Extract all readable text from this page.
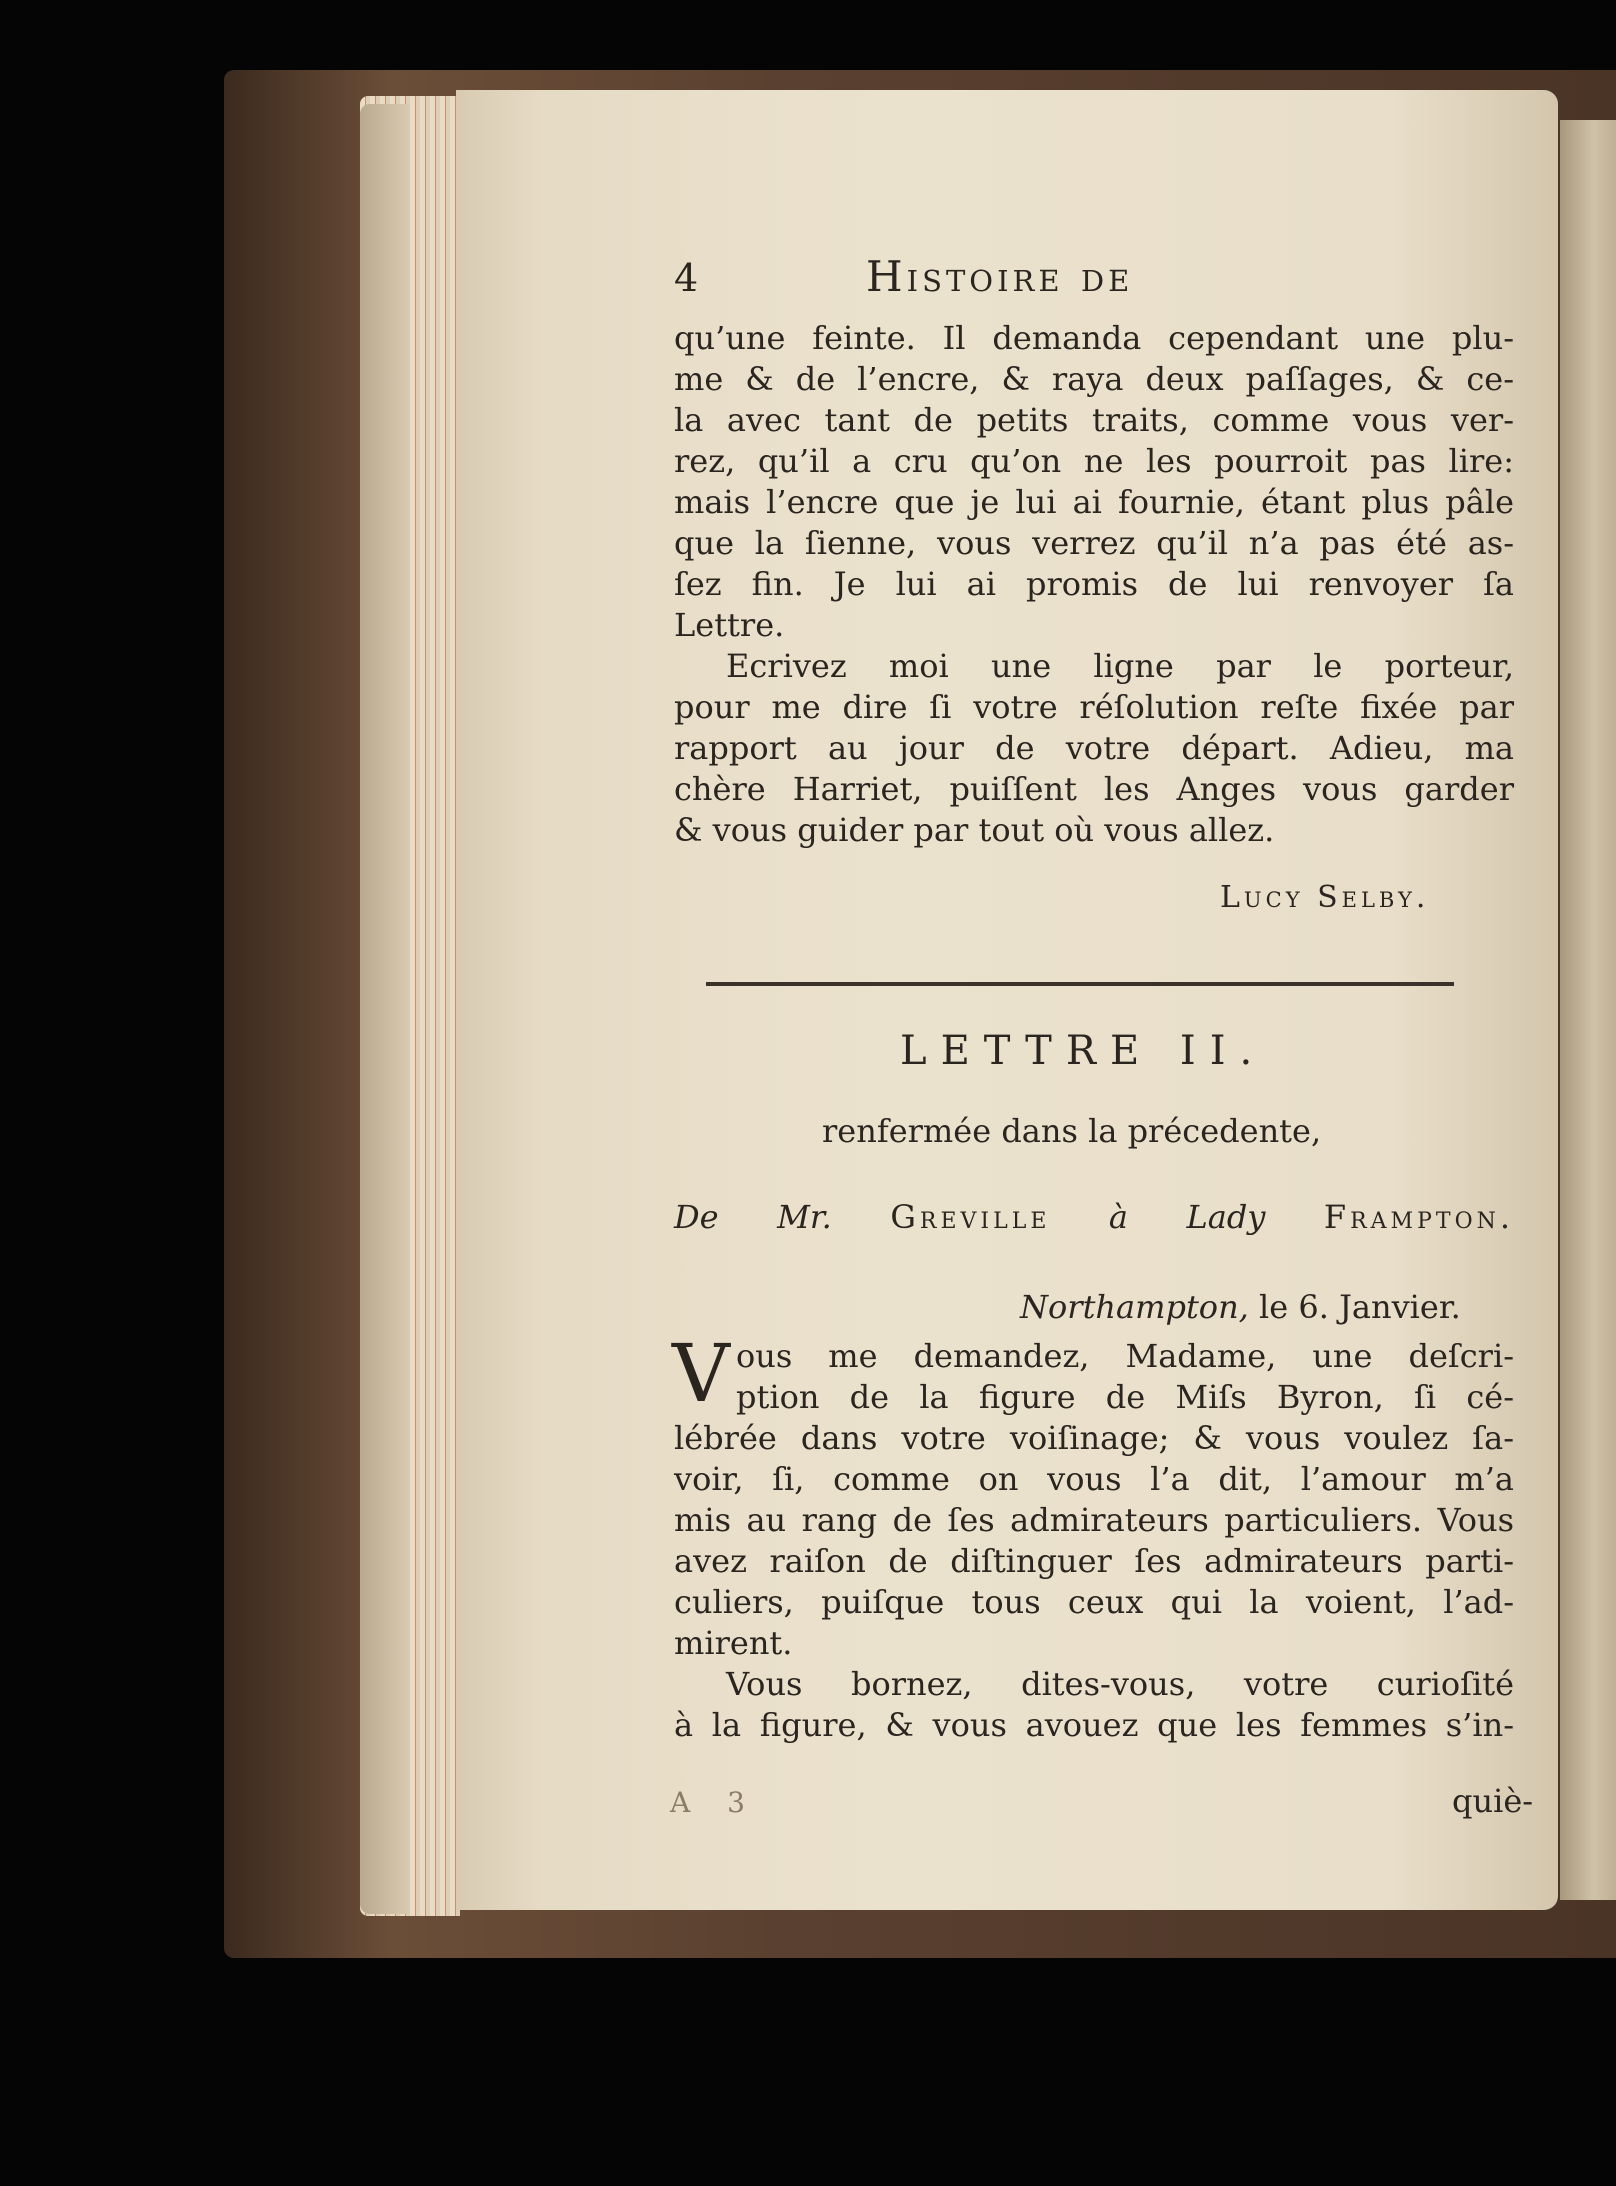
4	Histoire de
qu’une feinte. Il demanda cependant une plu-
me & de l’encre, & raya deux paſſages, & ce-
la avec tant de petits traits, comme vous ver-
rez, qu’il a cru qu’on ne les pourroit pas lire:
mais l’encre que je lui ai fournie, étant plus pâle
que la ſienne, vous verrez qu’il n’a pas été as-
ſez fin. Je lui ai promis de lui renvoyer ſa
Lettre.
Ecrivez moi une ligne par le porteur,
pour me dire ſi votre réſolution reſte fixée par
rapport au jour de votre départ. Adieu, ma
chère Harriet, puiſſent les Anges vous garder
& vous guider par tout où vous allez.
Lucy Selby.
LETTRE II.
renfermée dans la précedente,
De Mr. Greville à Lady Frampton.
Northampton, le 6. Janvier.
V ous me demandez, Madame, une deſcri-
ption de la figure de Miſs Byron, ſi cé-
lébrée dans votre voiſinage; & vous voulez ſa-
voir, ſi, comme on vous l’a dit, l’amour m’a
mis au rang de ſes admirateurs particuliers. Vous
avez raiſon de diſtinguer ſes admirateurs parti-
culiers, puiſque tous ceux qui la voient, l’ad-
mirent.
Vous bornez, dites-vous, votre curioſité
à la figure, & vous avouez que les femmes s’in-
A 3	quiè-
